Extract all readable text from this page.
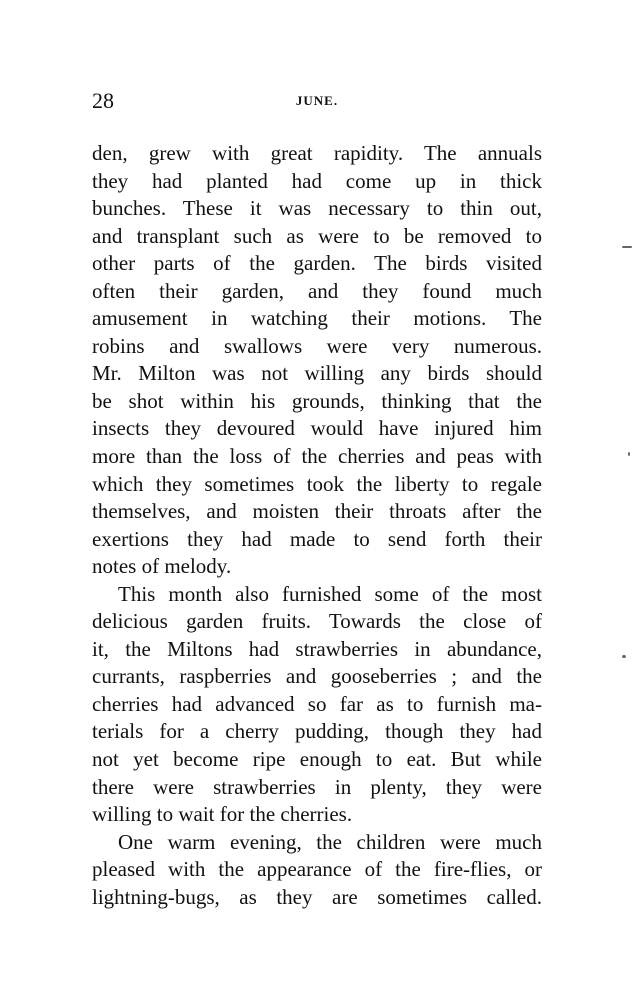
28	JUNE.
den, grew with great rapidity. The annuals
they had planted had come up in thick
bunches. These it was necessary to thin out,
and transplant such as were to be removed to
other parts of the garden. The birds visited
often their garden, and they found much
amusement in watching their motions. The
robins and swallows were very numerous.
Mr. Milton was not willing any birds should
be shot within his grounds, thinking that the
insects they devoured would have injured him
more than the loss of the cherries and peas with
which they sometimes took the liberty to regale
themselves, and moisten their throats after the
exertions they had made to send forth their
notes of melody.
This month also furnished some of the most
delicious garden fruits. Towards the close of
it, the Miltons had strawberries in abundance,
currants, raspberries and gooseberries ; and the
cherries had advanced so far as to furnish ma-
terials for a cherry pudding, though they had
not yet become ripe enough to eat. But while
there were strawberries in plenty, they were
willing to wait for the cherries.
One warm evening, the children were much
pleased with the appearance of the fire-flies, or
lightning-bugs, as they are sometimes called.
